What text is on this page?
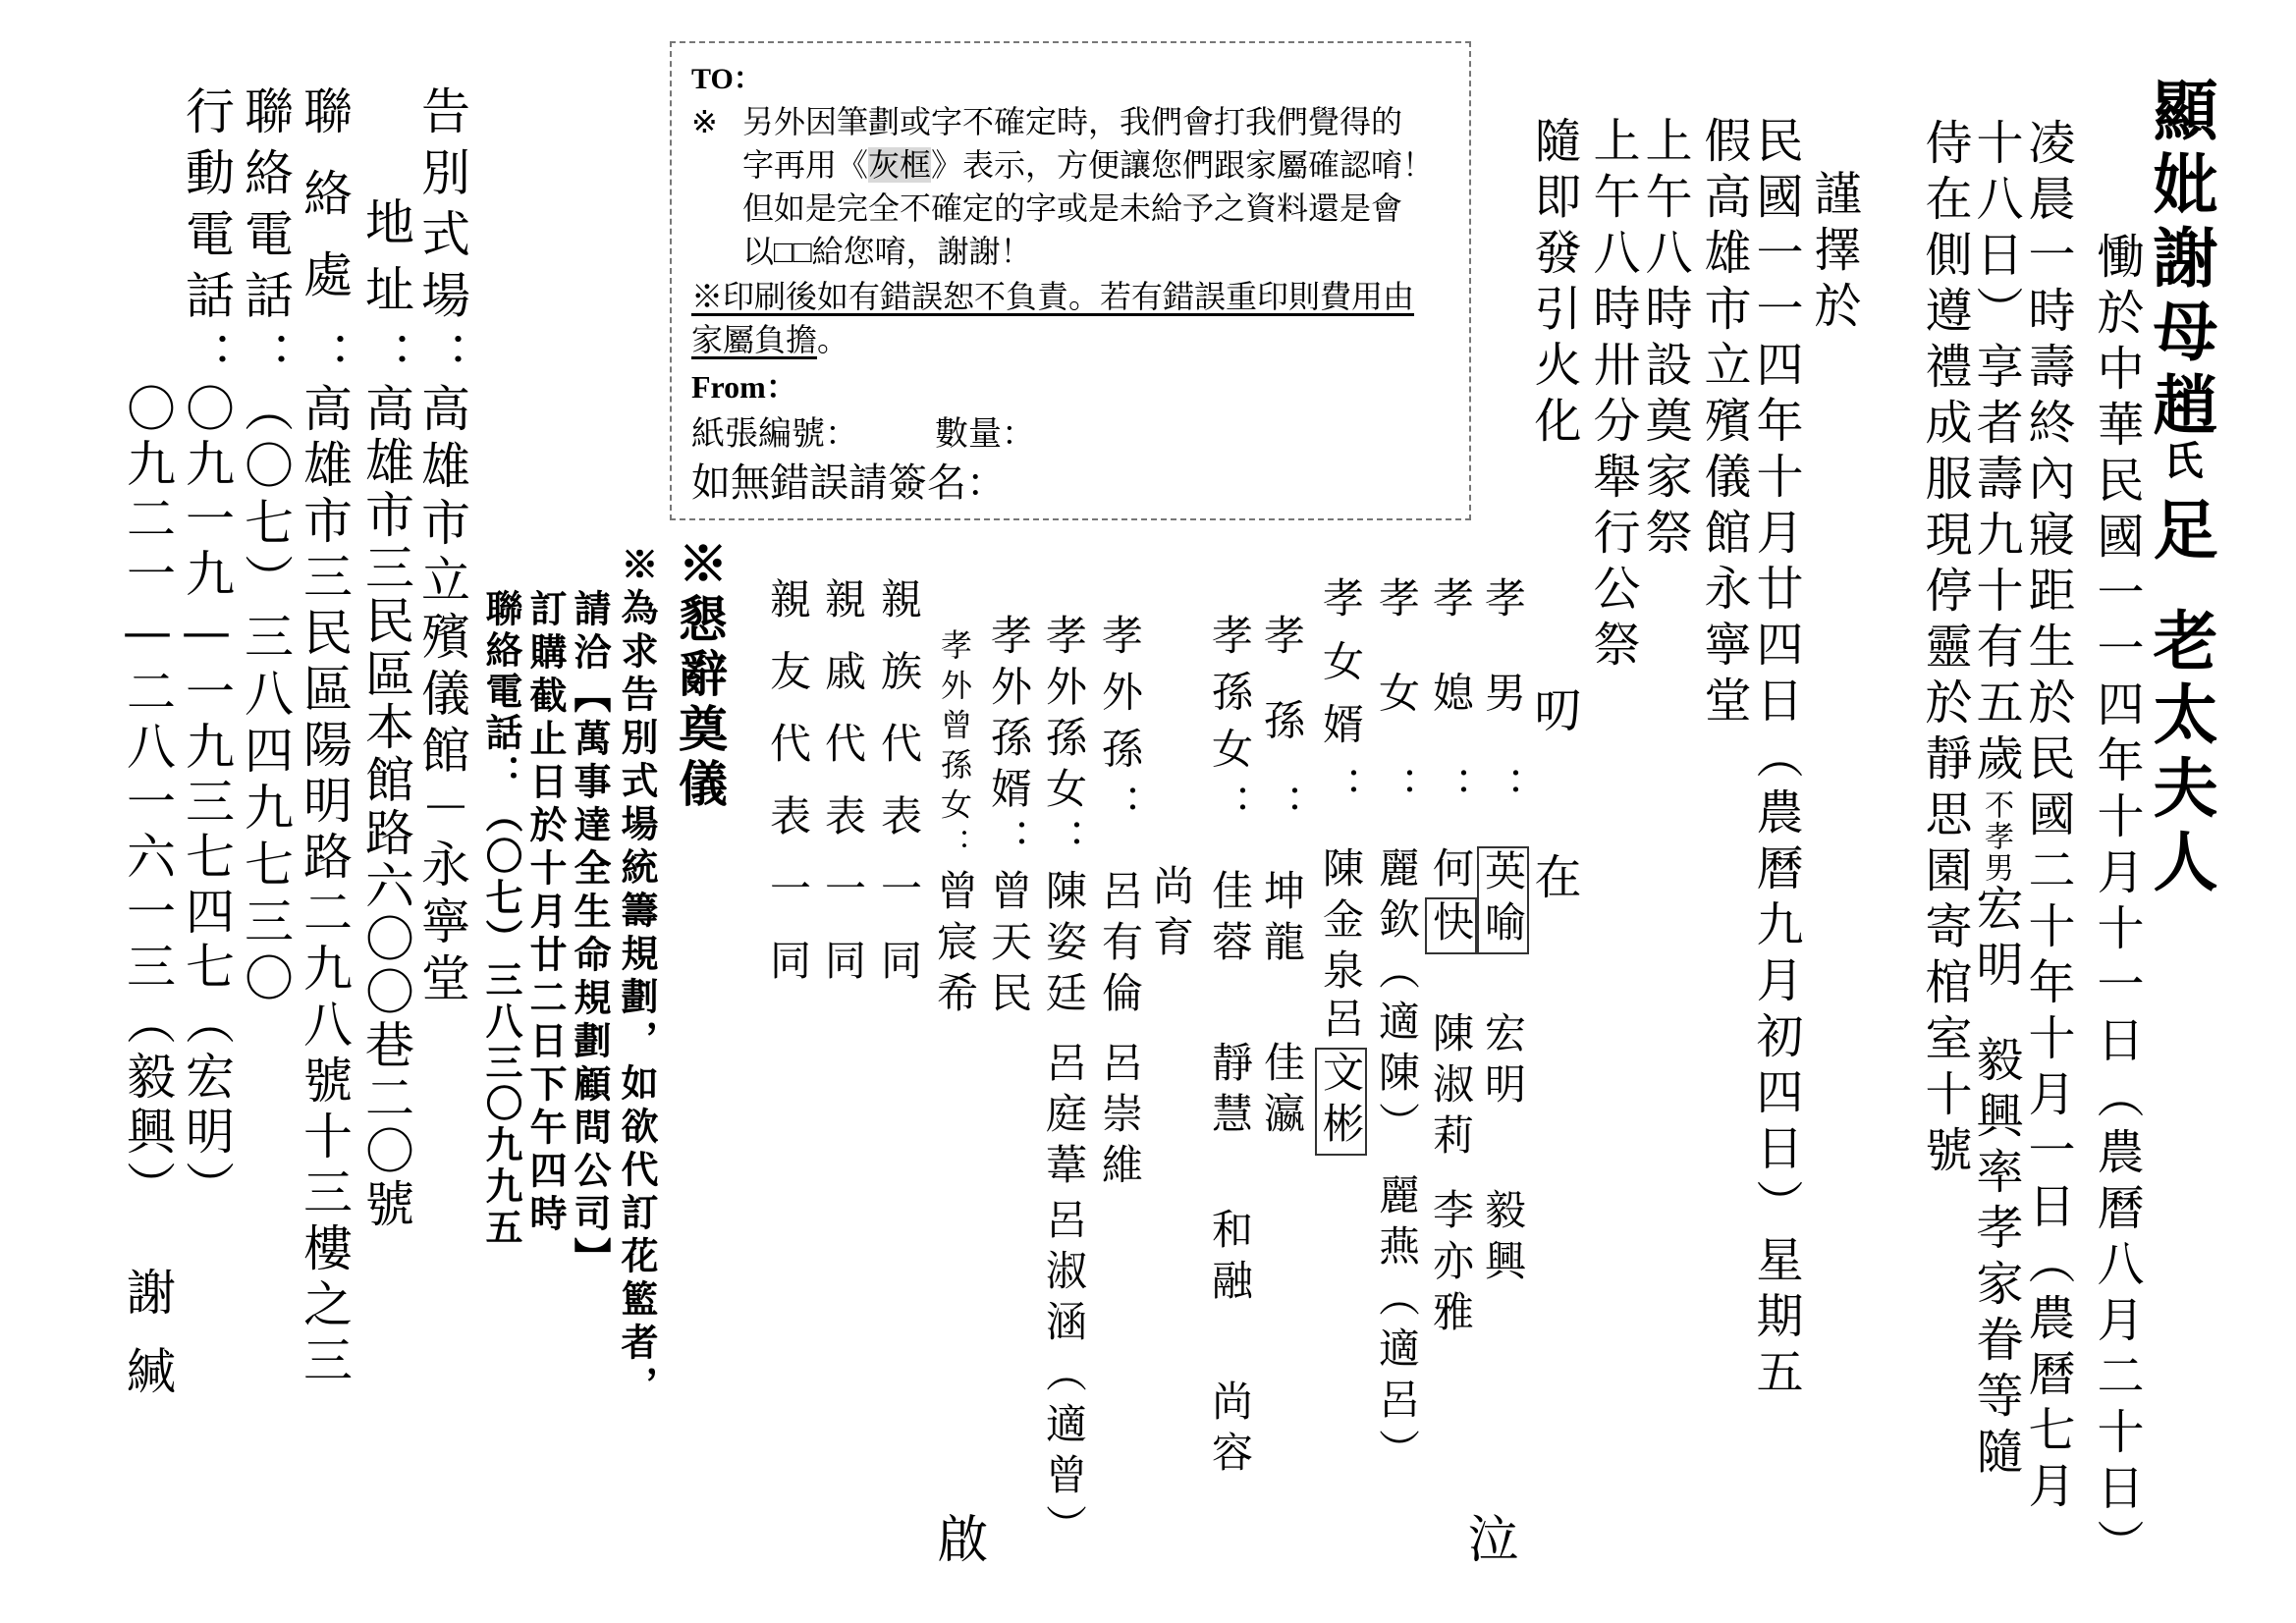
顯妣謝母趙
氏
足
老太夫人
慟於中華民國一一四年十月十一日（農曆八月二十日）
凌晨一時壽終內寢距生於民國二十年十月一日（農曆七月
十八日）享者壽九十有五歲不孝男宏明毅興率孝家眷等隨
侍在側遵禮成服現停靈於靜思園寄棺室十號
謹擇於
民國一一四年十月廿四日（農曆九月初四日）星期五
假高雄市立殯儀館永寧堂
上午八時設奠家祭
上午八時卅分舉行公祭
隨即發引火化
叨
在
泣
啟
孝男：
英喻
宏明
毅興
孝媳：
何快
陳淑莉
李亦雅
孝女：
麗欽（適陳）
麗燕（適呂）
孝女婿：
陳金泉
呂文彬
孝孫：
坤龍
佳瀛
孝孫女：
佳蓉
靜慧
和融
尚容
尚育
孝外孫：
呂有倫
呂崇維
孝外孫女：
陳姿廷
呂庭葦
呂淑涵（適曾）
孝外孫婿：
曾天民
孝外曾孫女：
曾宸希
親族代表一同
親戚代表一同
親友代表一同
※懇辭奠儀
※為求告別式場統籌規劃，如欲代訂花籃者，
請洽【萬事達全生命規劃顧問公司】
訂購截止日於十月廿二日下午四時
聯絡電話：（〇七）三八三〇九九五
告別式場：
高雄市立殯儀館－永寧堂
地址：
高雄市三民區本館路六〇〇巷二〇號
聯絡處：
高雄市三民區陽明路二九八號十三樓之三
聯絡電話：
（〇七）三八四九七三〇
行動電話：
〇九一九—一九三七四七（宏明）
〇九二一—二八一六一三（毅興）
謝緘
TO：
※ 另外因筆劃或字不確定時，我們會打我們覺得的
字再用《灰框》表示，方便讓您們跟家屬確認唷！
但如是完全不確定的字或是未給予之資料還是會
以□□給您唷，謝謝！
※印刷後如有錯誤恕不負責。若有錯誤重印則費用由
家屬負擔。
From：
紙張編號： 數量：
如無錯誤請簽名：
